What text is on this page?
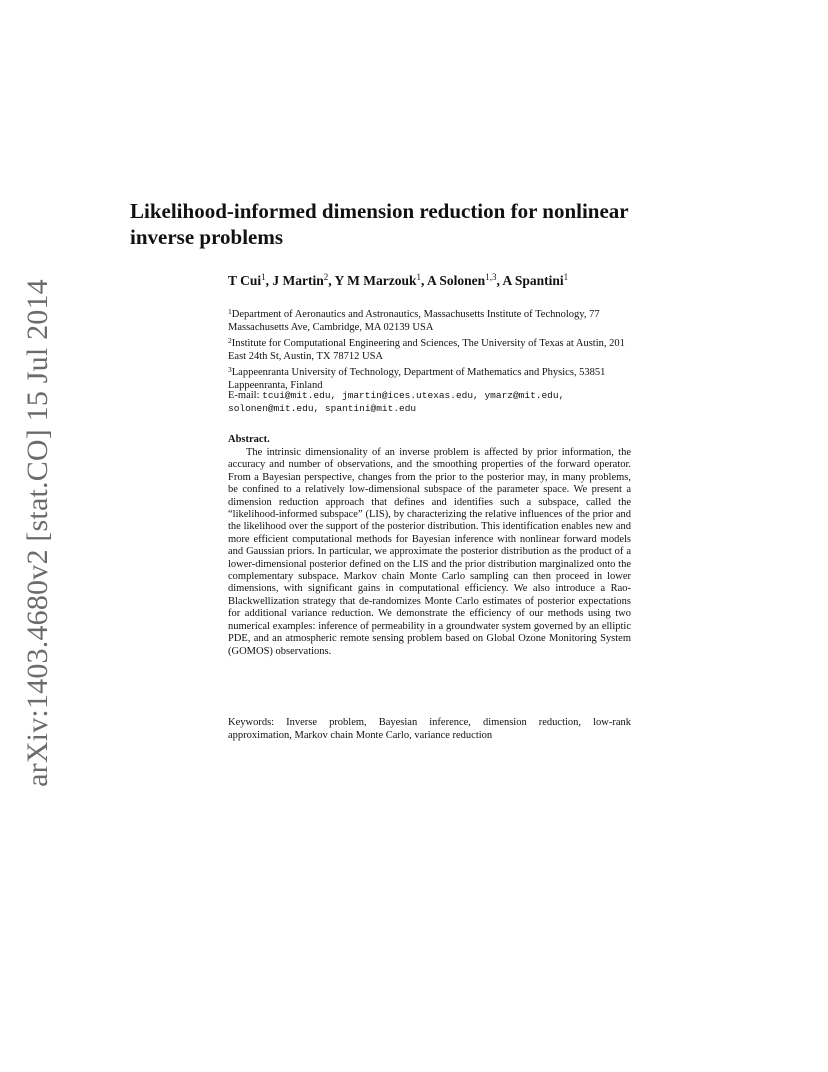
arXiv:1403.4680v2 [stat.CO] 15 Jul 2014
Likelihood-informed dimension reduction for nonlinear inverse problems
T Cui$^1$, J Martin$^2$, Y M Marzouk$^1$, A Solonen$^{1,3}$, A Spantini$^1$

$^1$Department of Aeronautics and Astronautics, Massachusetts Institute of Technology, 77 Massachusetts Ave, Cambridge, MA 02139 USA

$^2$Institute for Computational Engineering and Sciences, The University of Texas at Austin, 201 East 24th St, Austin, TX 78712 USA

$^3$Lappeenranta University of Technology, Department of Mathematics and Physics, 53851 Lappeenranta, Finland

E-mail: tcui@mit.edu, jmartin@ices.utexas.edu, ymarz@mit.edu, solonen@mit.edu, spantini@mit.edu
Abstract.

The intrinsic dimensionality of an inverse problem is affected by prior information, the accuracy and number of observations, and the smoothing properties of the forward operator. From a Bayesian perspective, changes from the prior to the posterior may, in many problems, be confined to a relatively low-dimensional subspace of the parameter space. We present a dimension reduction approach that defines and identifies such a subspace, called the “likelihood-informed subspace” (LIS), by characterizing the relative influences of the prior and the likelihood over the support of the posterior distribution. This identification enables new and more efficient computational methods for Bayesian inference with nonlinear forward models and Gaussian priors. In particular, we approximate the posterior distribution as the product of a lower-dimensional posterior defined on the LIS and the prior distribution marginalized onto the complementary subspace. Markov chain Monte Carlo sampling can then proceed in lower dimensions, with significant gains in computational efficiency. We also introduce a Rao-Blackwellization strategy that de-randomizes Monte Carlo estimates of posterior expectations for additional variance reduction. We demonstrate the efficiency of our methods using two numerical examples: inference of permeability in a groundwater system governed by an elliptic PDE, and an atmospheric remote sensing problem based on Global Ozone Monitoring System (GOMOS) observations.

Keywords: Inverse problem, Bayesian inference, dimension reduction, low-rank approximation, Markov chain Monte Carlo, variance reduction
